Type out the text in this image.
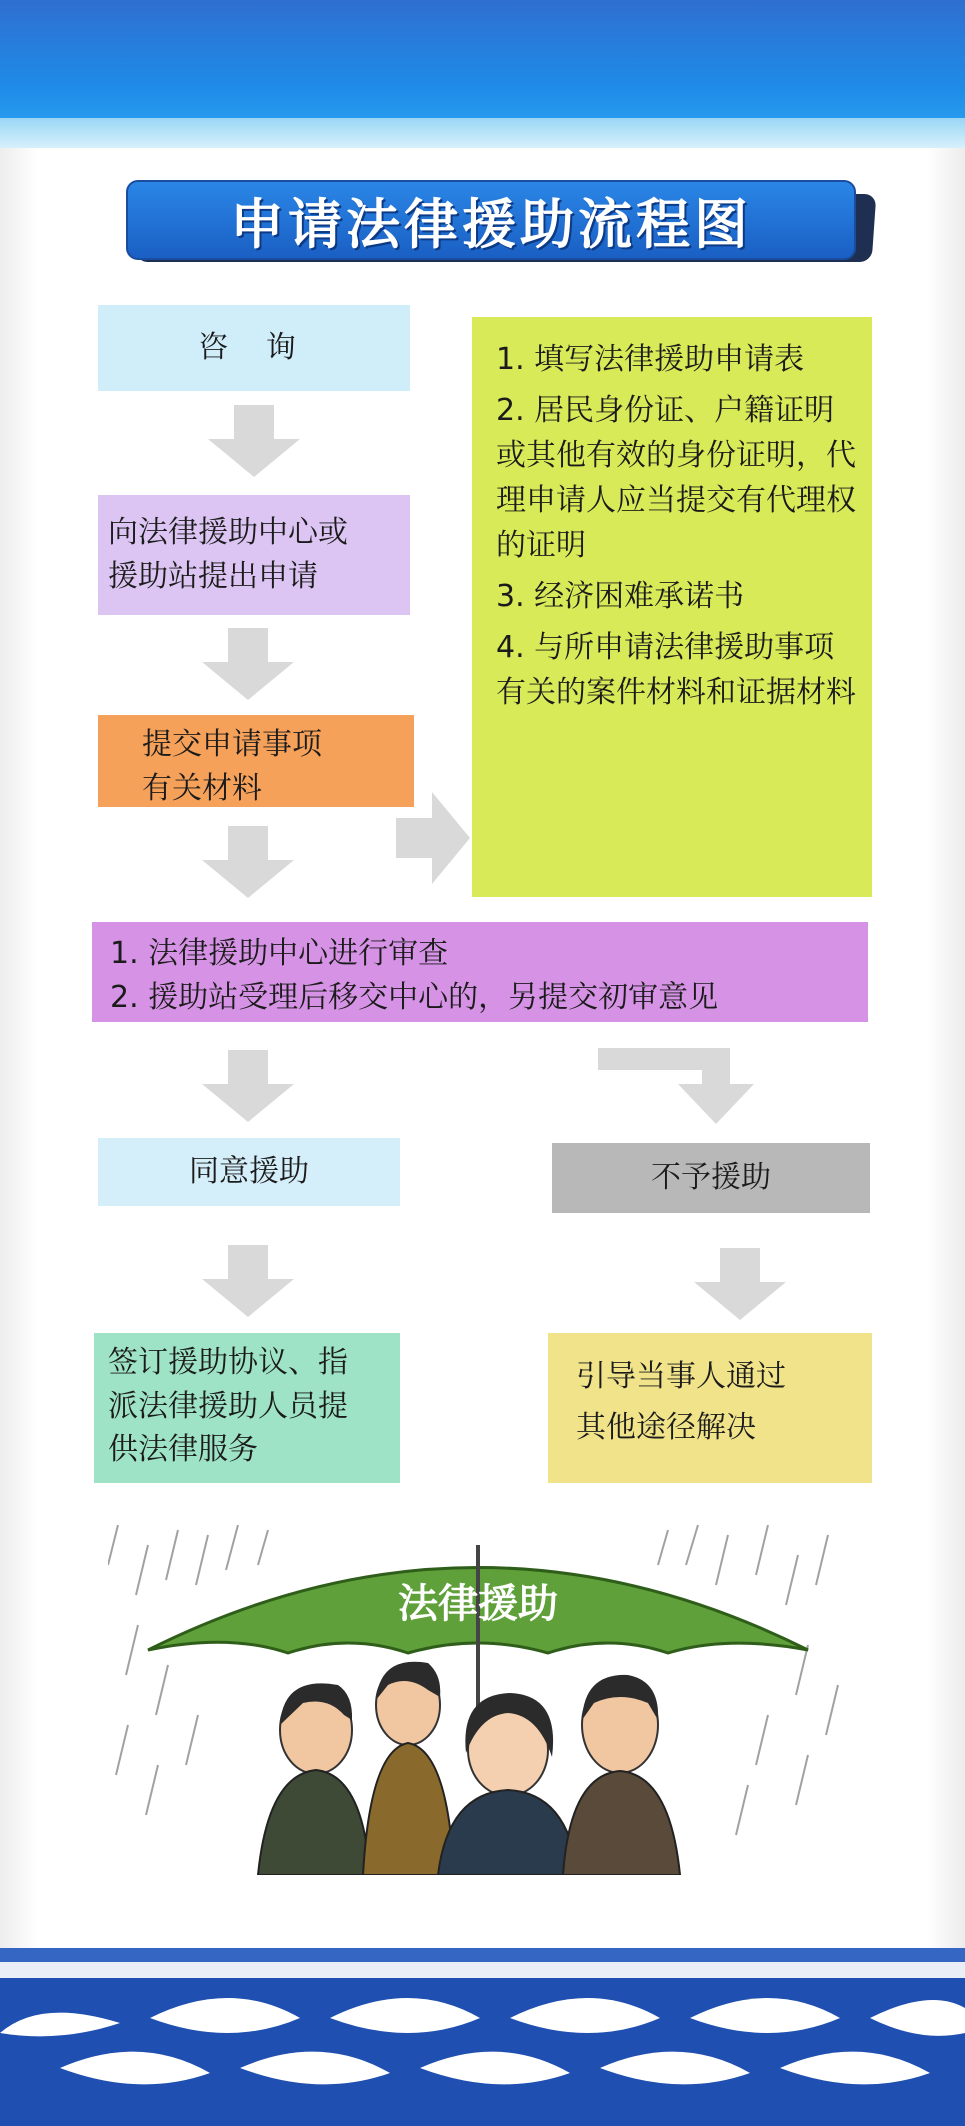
申请法律援助流程图
咨 询
向法律援助中心或
援助站提出申请
提交申请事项
有关材料
1. 填写法律援助申请表
2. 居民身份证、户籍证明或其他有效的身份证明，代理申请人应当提交有代理权的证明
3. 经济困难承诺书
4. 与所申请法律援助事项有关的案件材料和证据材料
1. 法律援助中心进行审查
2. 援助站受理后移交中心的，另提交初审意见
同意援助	不予援助
签订援助协议、指
派法律援助人员提
供法律服务
引导当事人通过
其他途径解决
法律援助
